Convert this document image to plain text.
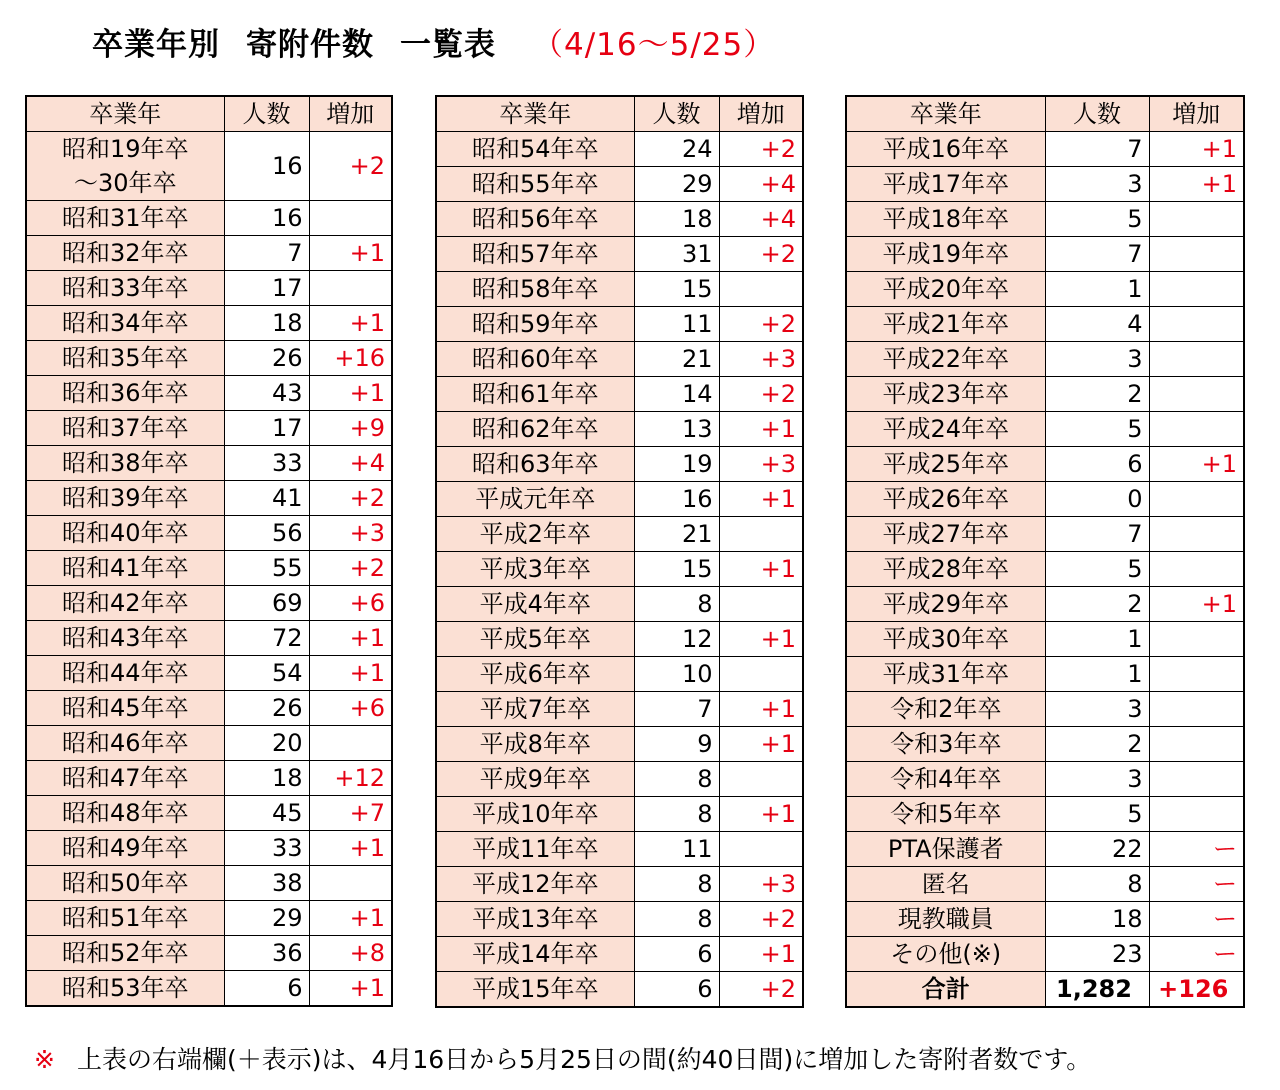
卒業年別 寄附件数 一覧表 （4/16〜5/25）
卒業年	人数	増加

昭和19年卒
〜30年卒	16	+2
昭和31年卒	16	
昭和32年卒	7	+1
昭和33年卒	17	
昭和34年卒	18	+1
昭和35年卒	26	+16
昭和36年卒	43	+1
昭和37年卒	17	+9
昭和38年卒	33	+4
昭和39年卒	41	+2
昭和40年卒	56	+3
昭和41年卒	55	+2
昭和42年卒	69	+6
昭和43年卒	72	+1
昭和44年卒	54	+1
昭和45年卒	26	+6
昭和46年卒	20	
昭和47年卒	18	+12
昭和48年卒	45	+7
昭和49年卒	33	+1
昭和50年卒	38	
昭和51年卒	29	+1
昭和52年卒	36	+8
昭和53年卒	6	+1
卒業年	人数	増加
昭和54年卒	24	+2
昭和55年卒	29	+4
昭和56年卒	18	+4
昭和57年卒	31	+2
昭和58年卒	15	
昭和59年卒	11	+2
昭和60年卒	21	+3
昭和61年卒	14	+2
昭和62年卒	13	+1
昭和63年卒	19	+3
平成元年卒	16	+1
平成2年卒	21	
平成3年卒	15	+1
平成4年卒	8	
平成5年卒	12	+1
平成6年卒	10	
平成7年卒	7	+1
平成8年卒	9	+1
平成9年卒	8	
平成10年卒	8	+1
平成11年卒	11	
平成12年卒	8	+3
平成13年卒	8	+2
平成14年卒	6	+1
平成15年卒	6	+2
卒業年	人数	増加
平成16年卒	7	+1
平成17年卒	3	+1
平成18年卒	5	
平成19年卒	7	
平成20年卒	1	
平成21年卒	4	
平成22年卒	3	
平成23年卒	2	
平成24年卒	5	
平成25年卒	6	+1
平成26年卒	0	
平成27年卒	7	
平成28年卒	5	
平成29年卒	2	+1
平成30年卒	1	
平成31年卒	1	
令和2年卒	3	
令和3年卒	2	
令和4年卒	3	
令和5年卒	5	
PTA保護者	22	ー
匿名	8	ー
現教職員	18	ー
その他(※)	23	ー
合計	1,282	+126
※ 上表の右端欄(＋表示)は、4月16日から5月25日の間(約40日間)に増加した寄附者数です。
